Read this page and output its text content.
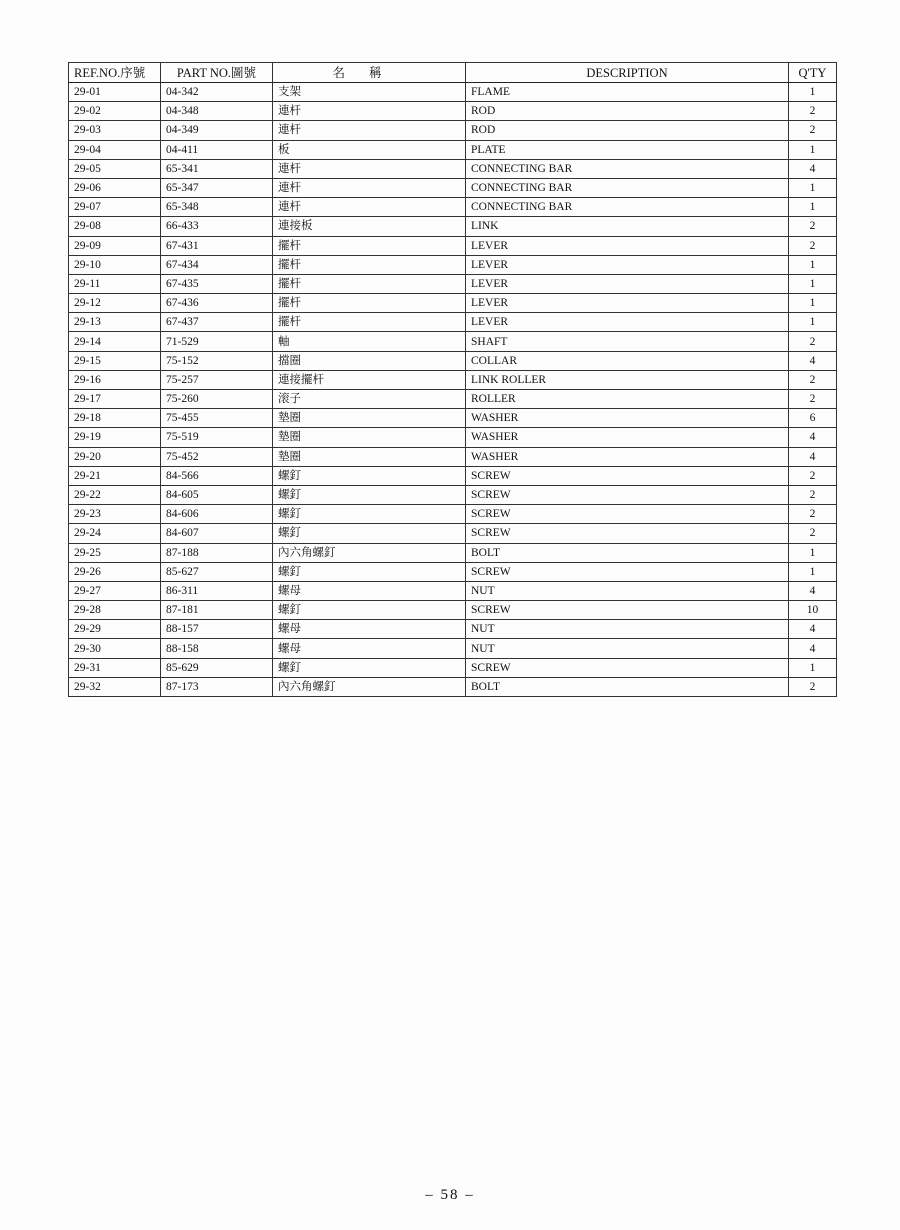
REF.NO.序號	PART NO.圖號	名稱	DESCRIPTION	Q'TY
29-01	04-342	支架	FLAME	1
29-02	04-348	連杆	ROD	2
29-03	04-349	連杆	ROD	2
29-04	04-411	板	PLATE	1
29-05	65-341	連杆	CONNECTING BAR	4
29-06	65-347	連杆	CONNECTING BAR	1
29-07	65-348	連杆	CONNECTING BAR	1
29-08	66-433	連接板	LINK	2
29-09	67-431	擺杆	LEVER	2
29-10	67-434	擺杆	LEVER	1
29-11	67-435	擺杆	LEVER	1
29-12	67-436	擺杆	LEVER	1
29-13	67-437	擺杆	LEVER	1
29-14	71-529	軸	SHAFT	2
29-15	75-152	擋圈	COLLAR	4
29-16	75-257	連接擺杆	LINK ROLLER	2
29-17	75-260	滚子	ROLLER	2
29-18	75-455	墊圈	WASHER	6
29-19	75-519	墊圈	WASHER	4
29-20	75-452	墊圈	WASHER	4
29-21	84-566	螺釘	SCREW	2
29-22	84-605	螺釘	SCREW	2
29-23	84-606	螺釘	SCREW	2
29-24	84-607	螺釘	SCREW	2
29-25	87-188	內六角螺釘	BOLT	1
29-26	85-627	螺釘	SCREW	1
29-27	86-311	螺母	NUT	4
29-28	87-181	螺釘	SCREW	10
29-29	88-157	螺母	NUT	4
29-30	88-158	螺母	NUT	4
29-31	85-629	螺釘	SCREW	1
29-32	87-173	內六角螺釘	BOLT	2
– 58 –
